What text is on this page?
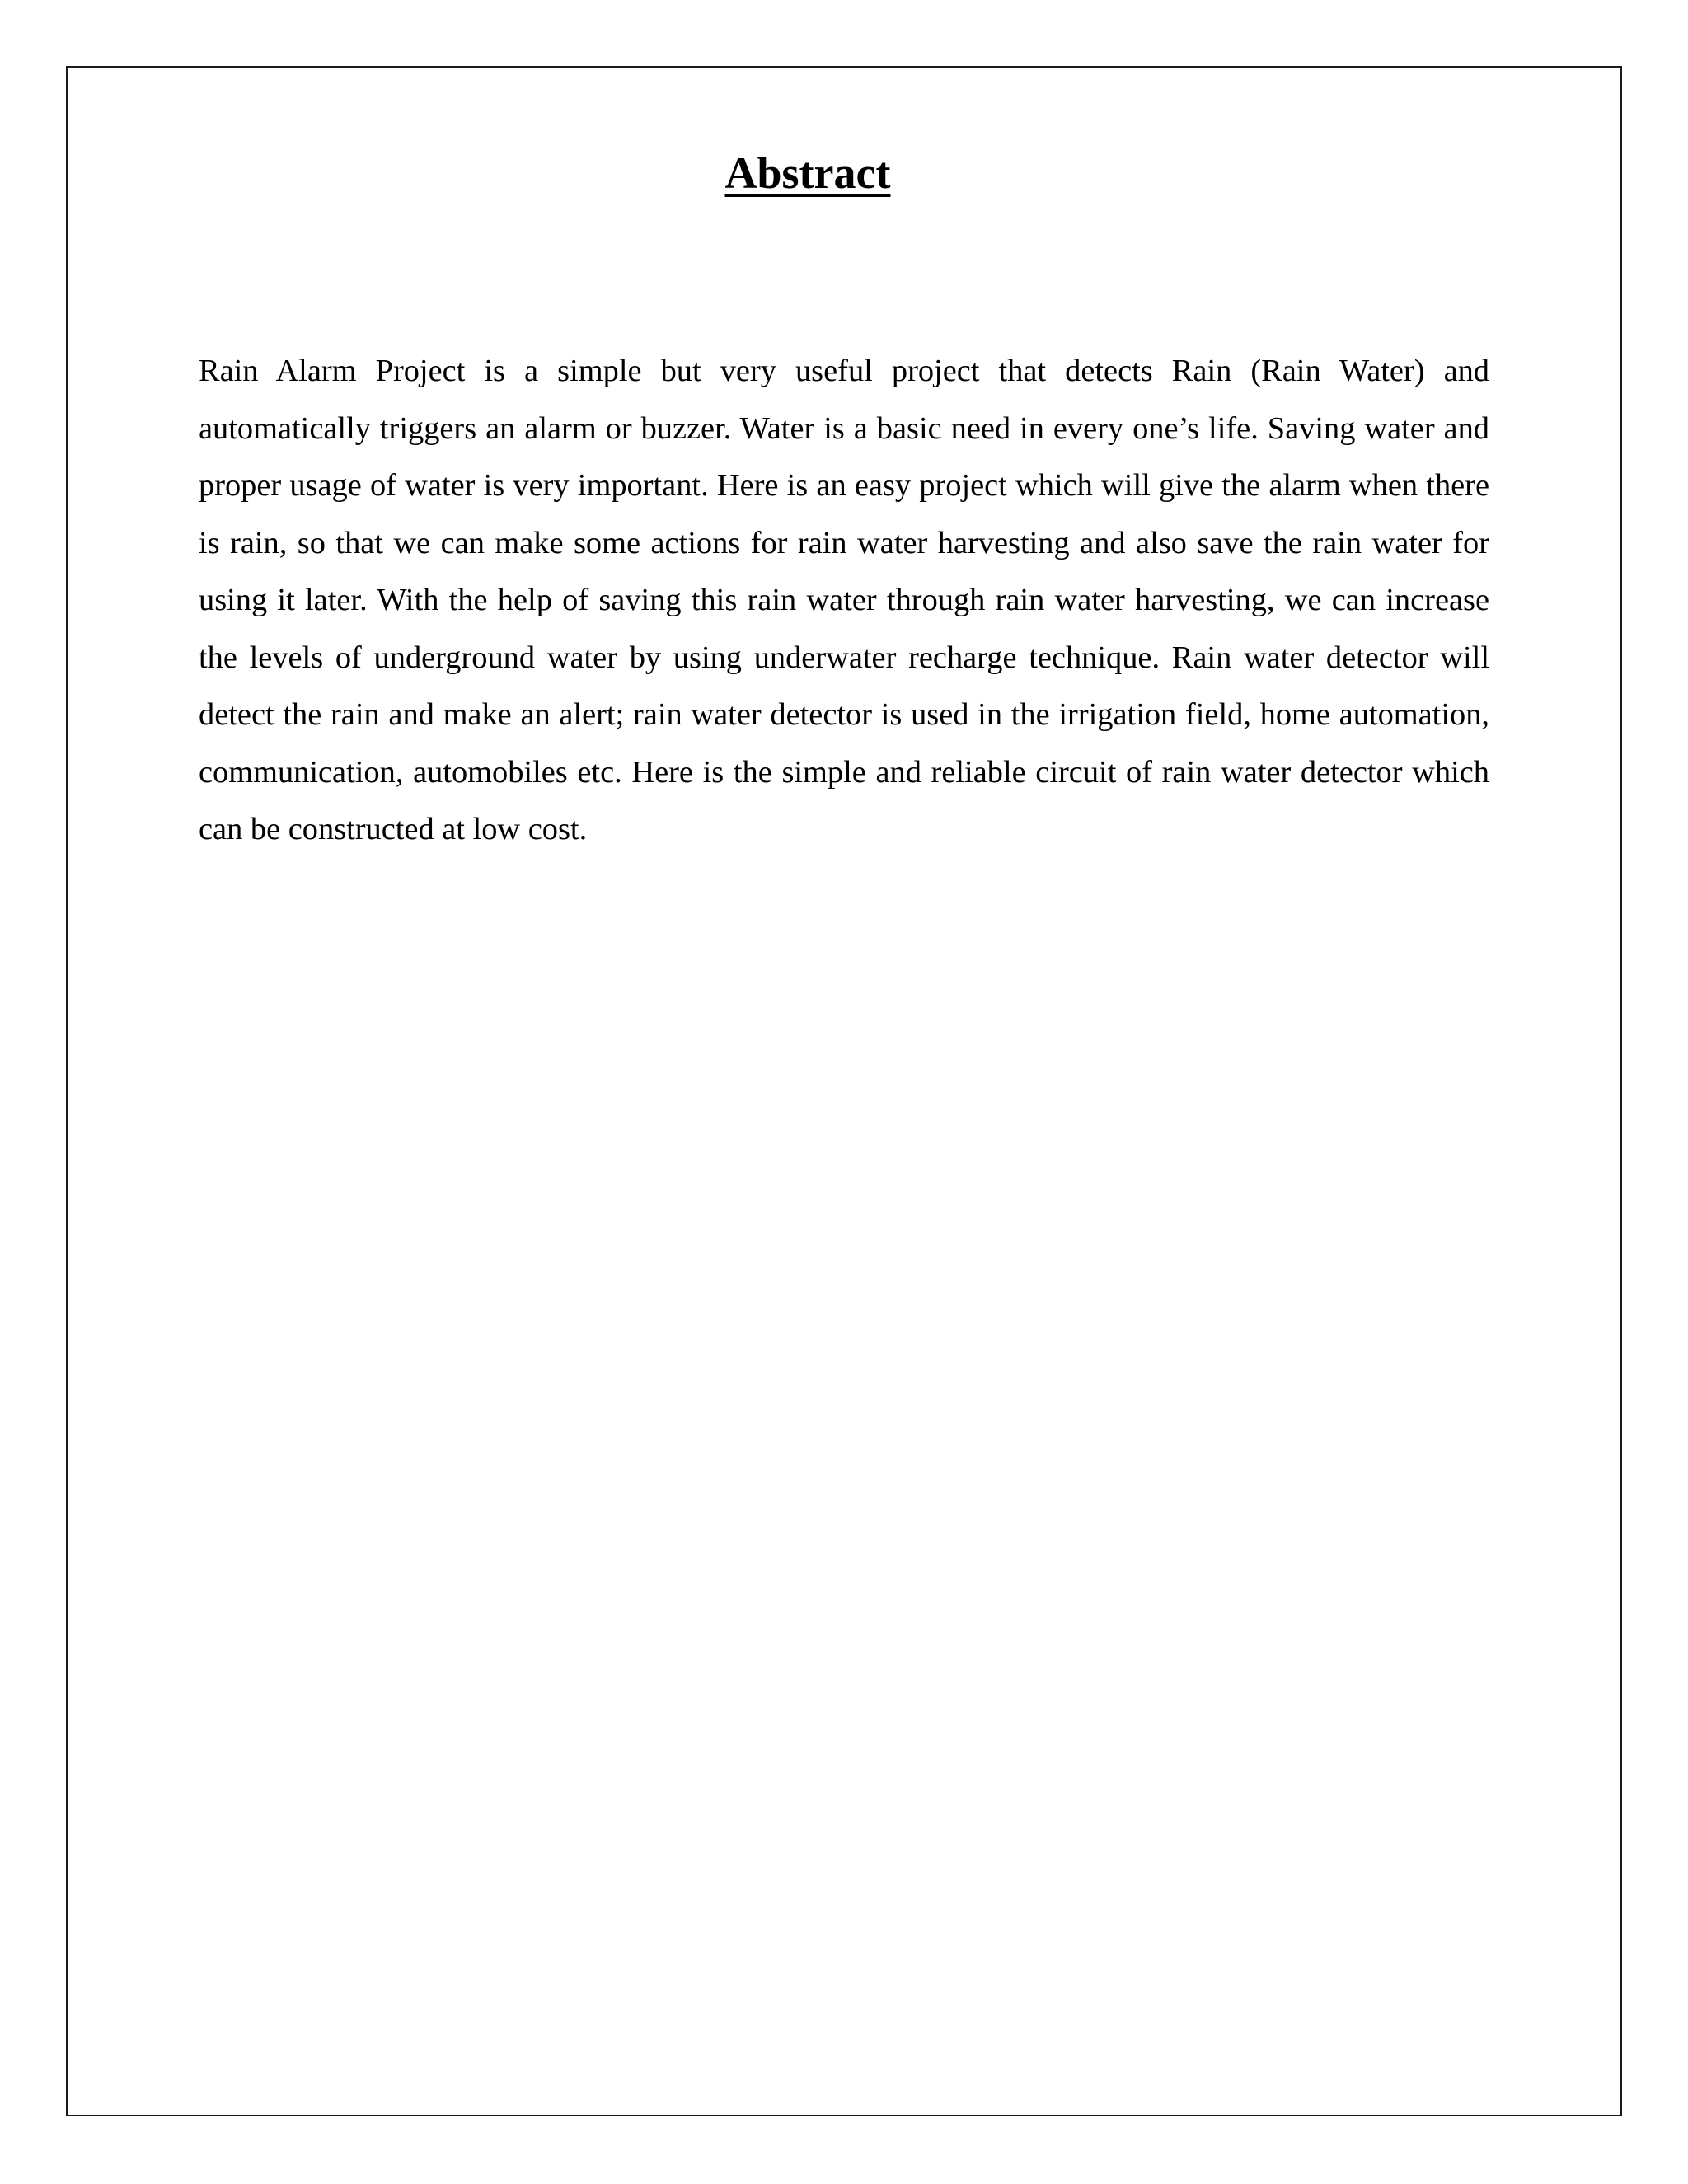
Abstract

Rain Alarm Project is a simple but very useful project that detects Rain (Rain Water) and automatically triggers an alarm or buzzer. Water is a basic need in every one’s life. Saving water and proper usage of water is very important. Here is an easy project which will give the alarm when there is rain, so that we can make some actions for rain water harvesting and also save the rain water for using it later. With the help of saving this rain water through rain water harvesting, we can increase the levels of underground water by using underwater recharge technique. Rain water detector will detect the rain and make an alert; rain water detector is used in the irrigation field, home automation, communication, automobiles etc. Here is the simple and reliable circuit of rain water detector which can be constructed at low cost.
